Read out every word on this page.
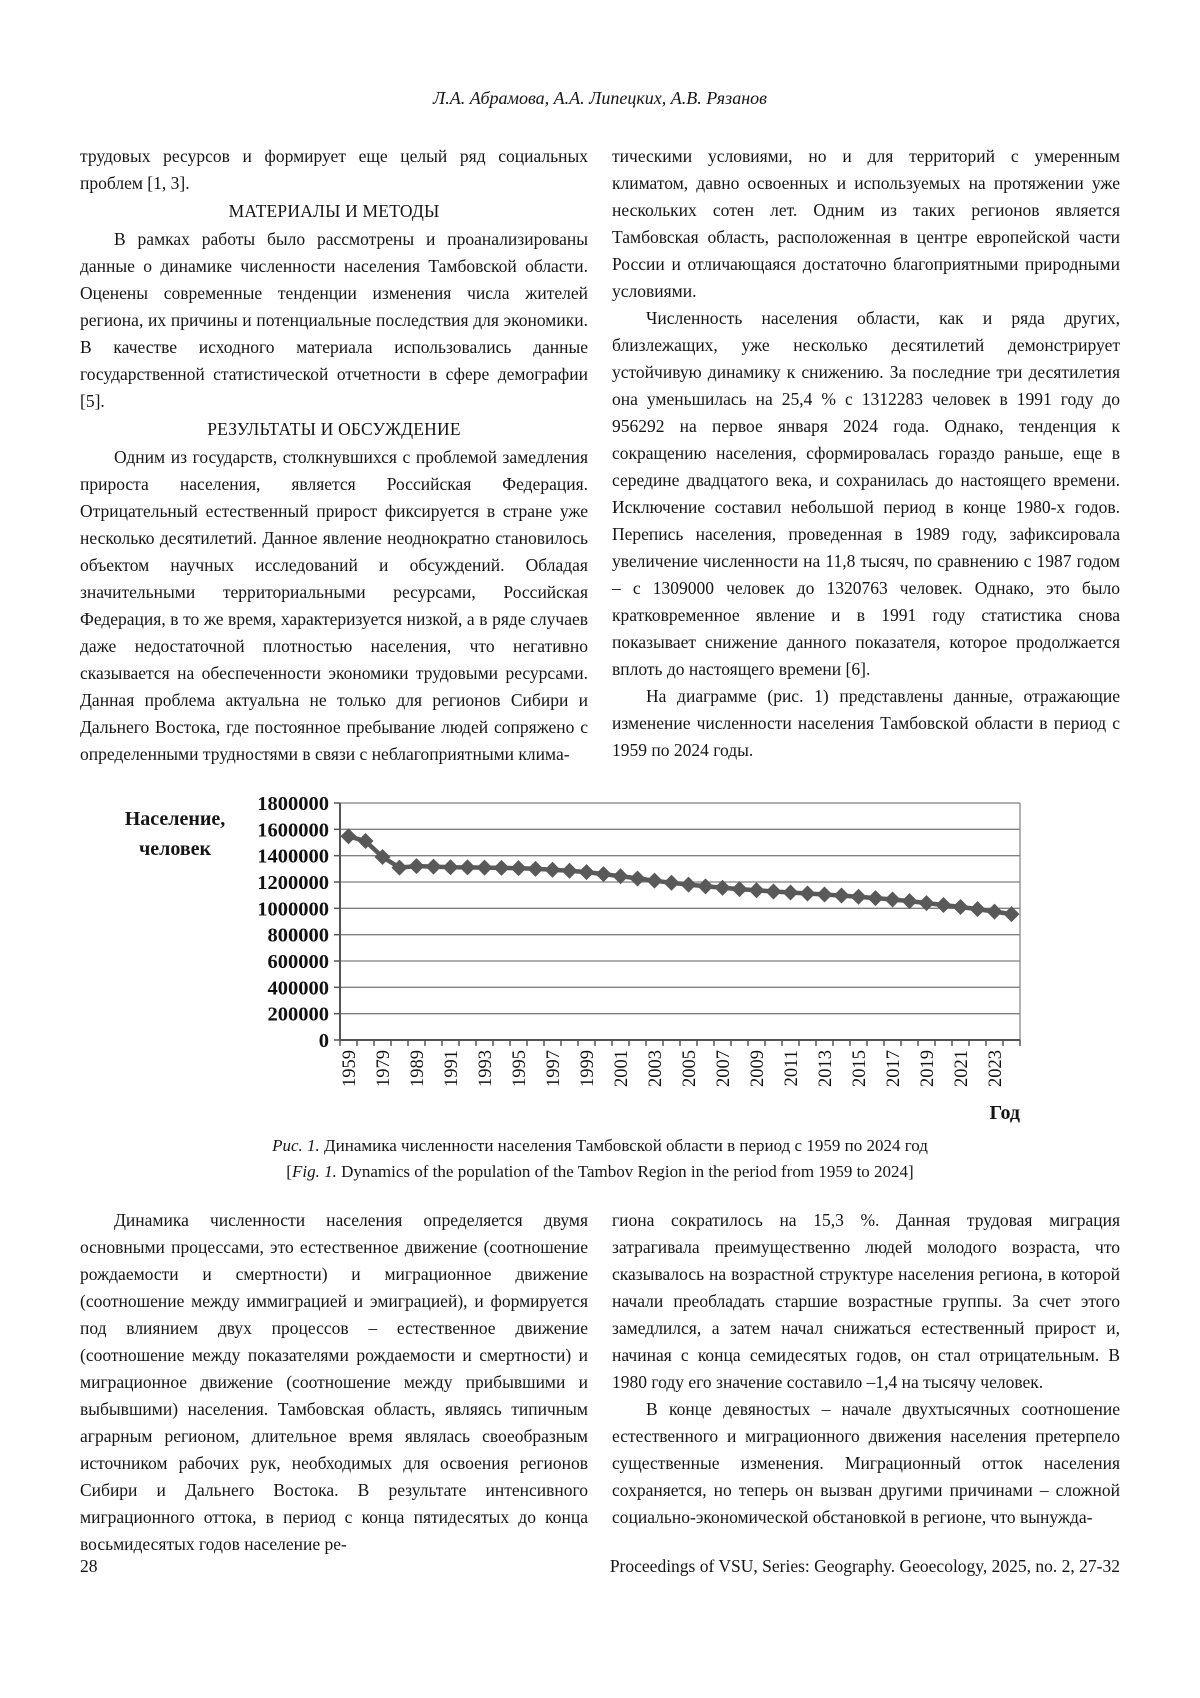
Л.А. Абрамова, А.А. Липецких, А.В. Рязанов

трудовых ресурсов и формирует еще целый ряд социальных проблем [1, 3].

МАТЕРИАЛЫ И МЕТОДЫ

В рамках работы было рассмотрены и проанализированы данные о динамике численности населения Тамбовской области. Оценены современные тенденции изменения числа жителей региона, их причины и потенциальные последствия для экономики. В качестве исходного материала использовались данные государственной статистической отчетности в сфере демографии [5].

РЕЗУЛЬТАТЫ И ОБСУЖДЕНИЕ

Одним из государств, столкнувшихся с проблемой замедления прироста населения, является Российская Федерация. Отрицательный естественный прирост фиксируется в стране уже несколько десятилетий. Данное явление неоднократно становилось объектом научных исследований и обсуждений. Обладая значительными территориальными ресурсами, Российская Федерация, в то же время, характеризуется низкой, а в ряде случаев даже недостаточной плотностью населения, что негативно сказывается на обеспеченности экономики трудовыми ресурсами. Данная проблема актуальна не только для регионов Сибири и Дальнего Востока, где постоянное пребывание людей сопряжено с определенными трудностями в связи с неблагоприятными клима-

тическими условиями, но и для территорий с умеренным климатом, давно освоенных и используемых на протяжении уже нескольких сотен лет. Одним из таких регионов является Тамбовская область, расположенная в центре европейской части России и отличающаяся достаточно благоприятными природными условиями.

Численность населения области, как и ряда других, близлежащих, уже несколько десятилетий демонстрирует устойчивую динамику к снижению. За последние три десятилетия она уменьшилась на 25,4 % с 1312283 человек в 1991 году до 956292 на первое января 2024 года. Однако, тенденция к сокращению населения, сформировалась гораздо раньше, еще в середине двадцатого века, и сохранилась до настоящего времени. Исключение составил небольшой период в конце 1980-х годов. Перепись населения, проведенная в 1989 году, зафиксировала увеличение численности на 11,8 тысяч, по сравнению с 1987 годом – с 1309000 человек до 1320763 человек. Однако, это было кратковременное явление и в 1991 году статистика снова показывает снижение данного показателя, которое продолжается вплоть до настоящего времени [6].

На диаграмме (рис. 1) представлены данные, отражающие изменение численности населения Тамбовской области в период с 1959 по 2024 годы.

Население,
человек
0
200000
400000
600000
800000
1000000
1200000
1400000
1600000
1800000
1959 1979 1989 1991 1993 1995 1997 1999 2001 2003 2005 2007 2009 2011 2013 2015 2017 2019 2021 2023
Год
Рис. 1. Динамика численности населения Тамбовской области в период с 1959 по 2024 год
[Fig. 1. Dynamics of the population of the Tambov Region in the period from 1959 to 2024]

Динамика численности населения определяется двумя основными процессами, это естественное движение (соотношение рождаемости и смертности) и миграционное движение (соотношение между иммиграцией и эмиграцией), и формируется под влиянием двух процессов – естественное движение (соотношение между показателями рождаемости и смертности) и миграционное движение (соотношение между прибывшими и выбывшими) населения. Тамбовская область, являясь типичным аграрным регионом, длительное время являлась своеобразным источником рабочих рук, необходимых для освоения регионов Сибири и Дальнего Востока. В результате интенсивного миграционного оттока, в период с конца пятидесятых до конца восьмидесятых годов население ре-

гиона сократилось на 15,3 %. Данная трудовая миграция затрагивала преимущественно людей молодого возраста, что сказывалось на возрастной структуре населения региона, в которой начали преобладать старшие возрастные группы. За счет этого замедлился, а затем начал снижаться естественный прирост и, начиная с конца семидесятых годов, он стал отрицательным. В 1980 году его значение составило –1,4 на тысячу человек.

В конце девяностых – начале двухтысячных соотношение естественного и миграционного движения населения претерпело существенные изменения. Миграционный отток населения сохраняется, но теперь он вызван другими причинами – сложной социально-экономической обстановкой в регионе, что вынужда-

28	Proceedings of VSU, Series: Geography. Geoecology, 2025, no. 2, 27-32
